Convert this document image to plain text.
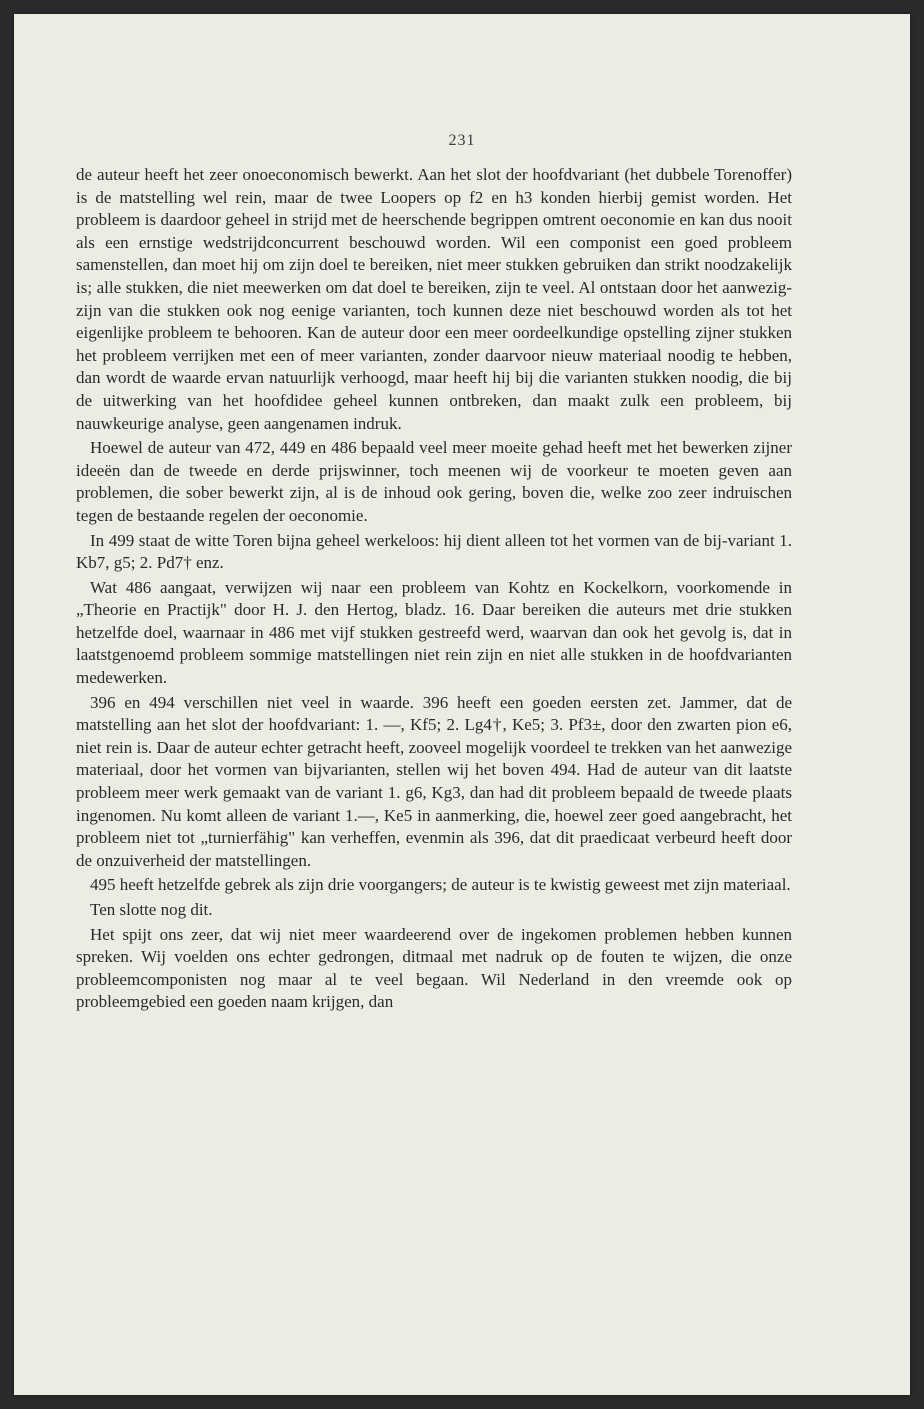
231

de auteur heeft het zeer onoeconomisch bewerkt. Aan het slot der hoofdvariant (het dubbele Torenoffer) is de matstelling wel rein, maar de twee Loopers op f2 en h3 konden hierbij gemist worden. Het probleem is daardoor geheel in strijd met de heerschende begrippen omtrent oeconomie en kan dus nooit als een ernstige wedstrijdconcurrent beschouwd worden. Wil een componist een goed probleem samenstellen, dan moet hij om zijn doel te bereiken, niet meer stukken gebruiken dan strikt noodzakelijk is; alle stukken, die niet meewerken om dat doel te bereiken, zijn te veel. Al ontstaan door het aanwezig-zijn van die stukken ook nog eenige varianten, toch kunnen deze niet beschouwd worden als tot het eigenlijke probleem te behooren. Kan de auteur door een meer oordeelkundige opstelling zijner stukken het probleem verrijken met een of meer varianten, zonder daarvoor nieuw materiaal noodig te hebben, dan wordt de waarde ervan natuurlijk verhoogd, maar heeft hij bij die varianten stukken noodig, die bij de uitwerking van het hoofdidee geheel kunnen ontbreken, dan maakt zulk een probleem, bij nauwkeurige analyse, geen aangenamen indruk.

Hoewel de auteur van 472, 449 en 486 bepaald veel meer moeite gehad heeft met het bewerken zijner ideeën dan de tweede en derde prijswinner, toch meenen wij de voorkeur te moeten geven aan problemen, die sober bewerkt zijn, al is de inhoud ook gering, boven die, welke zoo zeer indruischen tegen de bestaande regelen der oeconomie.

In 499 staat de witte Toren bijna geheel werkeloos: hij dient alleen tot het vormen van de bij-variant 1. Kb7, g5; 2. Pd7† enz.

Wat 486 aangaat, verwijzen wij naar een probleem van Kohtz en Kockelkorn, voorkomende in „Theorie en Practijk" door H. J. den Hertog, bladz. 16. Daar bereiken die auteurs met drie stukken hetzelfde doel, waarnaar in 486 met vijf stukken gestreefd werd, waarvan dan ook het gevolg is, dat in laatstgenoemd probleem sommige matstellingen niet rein zijn en niet alle stukken in de hoofdvarianten medewerken.

396 en 494 verschillen niet veel in waarde. 396 heeft een goeden eersten zet. Jammer, dat de matstelling aan het slot der hoofdvariant: 1. —, Kf5; 2. Lg4†, Ke5; 3. Pf3±, door den zwarten pion e6, niet rein is. Daar de auteur echter getracht heeft, zooveel mogelijk voordeel te trekken van het aanwezige materiaal, door het vormen van bijvarianten, stellen wij het boven 494. Had de auteur van dit laatste probleem meer werk gemaakt van de variant 1. g6, Kg3, dan had dit probleem bepaald de tweede plaats ingenomen. Nu komt alleen de variant 1.—, Ke5 in aanmerking, die, hoewel zeer goed aangebracht, het probleem niet tot „turnierfähig" kan verheffen, evenmin als 396, dat dit praedicaat verbeurd heeft door de onzuiverheid der matstellingen.

495 heeft hetzelfde gebrek als zijn drie voorgangers; de auteur is te kwistig geweest met zijn materiaal.

Ten slotte nog dit.

Het spijt ons zeer, dat wij niet meer waardeerend over de ingekomen problemen hebben kunnen spreken. Wij voelden ons echter gedrongen, ditmaal met nadruk op de fouten te wijzen, die onze probleemcomponisten nog maar al te veel begaan. Wil Nederland in den vreemde ook op probleemgebied een goeden naam krijgen, dan
